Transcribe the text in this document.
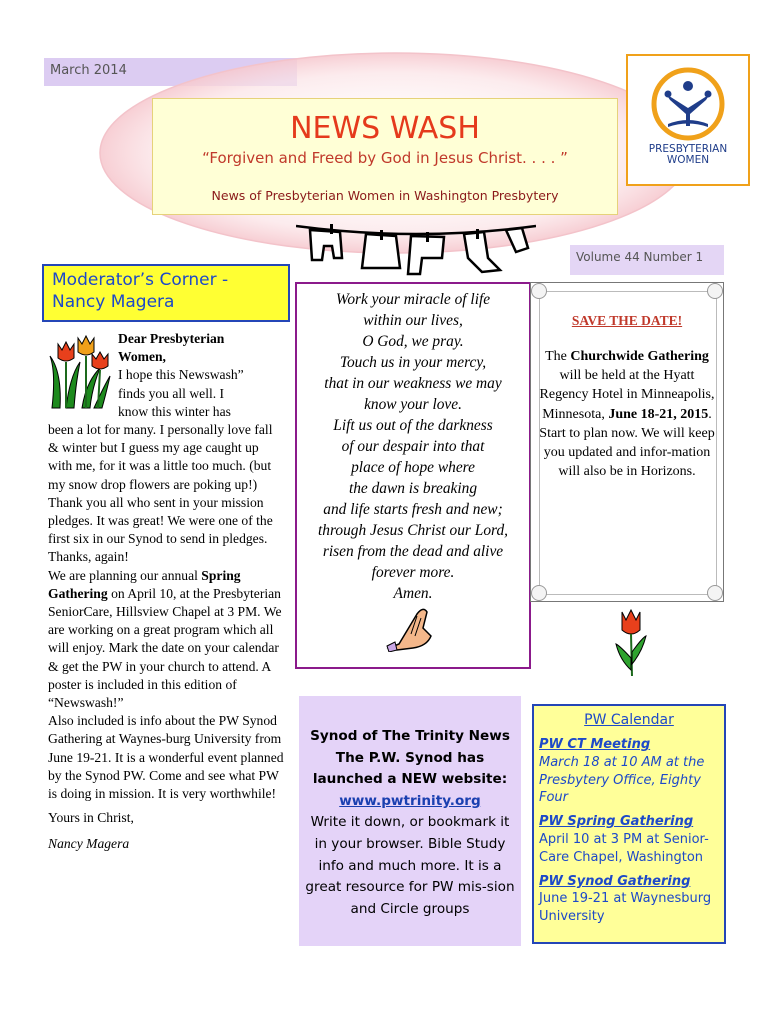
March 2014
NEWS WASH
“Forgiven and Freed by God in Jesus Christ. . . . ”
News of Presbyterian Women in Washington Presbytery
PRESBYTERIAN
WOMEN
Volume 44 Number 1
Moderator’s Corner -
Nancy Magera

Dear Presbyterian
Women,

I hope this Newswash”
finds you all well. I
know this winter has

been a lot for many. I personally love fall & winter but I guess my age caught up with me, for it was a little too much. (but my snow drop flowers are poking up!) Thank you all who sent in your mission pledges. It was great! We were one of the first six in our Synod to send in pledges. Thanks, again!

We are planning our annual Spring Gathering on April 10, at the Presbyterian SeniorCare, Hillsview Chapel at 3 PM. We are working on a great program which all will enjoy. Mark the date on your calendar & get the PW in your church to attend. A poster is included in this edition of “Newswash!”

Also included is info about the PW Synod Gathering at Waynes-burg University from June 19-21. It is a wonderful event planned by the Synod PW. Come and see what PW is doing in mission. It is very worthwhile!

Yours in Christ,

Nancy Magera

Work your miracle of life
within our lives,
O God, we pray.
Touch us in your mercy,
that in our weakness we may
know your love.
Lift us out of the darkness
of our despair into that
place of hope where
the dawn is breaking
and life starts fresh and new;
through Jesus Christ our Lord,
risen from the dead and alive
forever more.
Amen.
SAVE THE DATE!
The Churchwide Gathering will be held at the Hyatt Regency Hotel in Minneapolis, Minnesota, June 18-21, 2015. Start to plan now. We will keep you updated and infor-mation will also be in Horizons.
Synod of The Trinity News
The P.W. Synod has
launched a NEW website:
www.pwtrinity.org
Write it down, or bookmark it in your browser. Bible Study info and much more. It is a great resource for PW mis-sion and Circle groups
PW Calendar
PW CT Meeting
March 18 at 10 AM at the Presbytery Office, Eighty Four
PW Spring Gathering
April 10 at 3 PM at Senior-Care Chapel, Washington
PW Synod Gathering
June 19-21 at Waynesburg University
